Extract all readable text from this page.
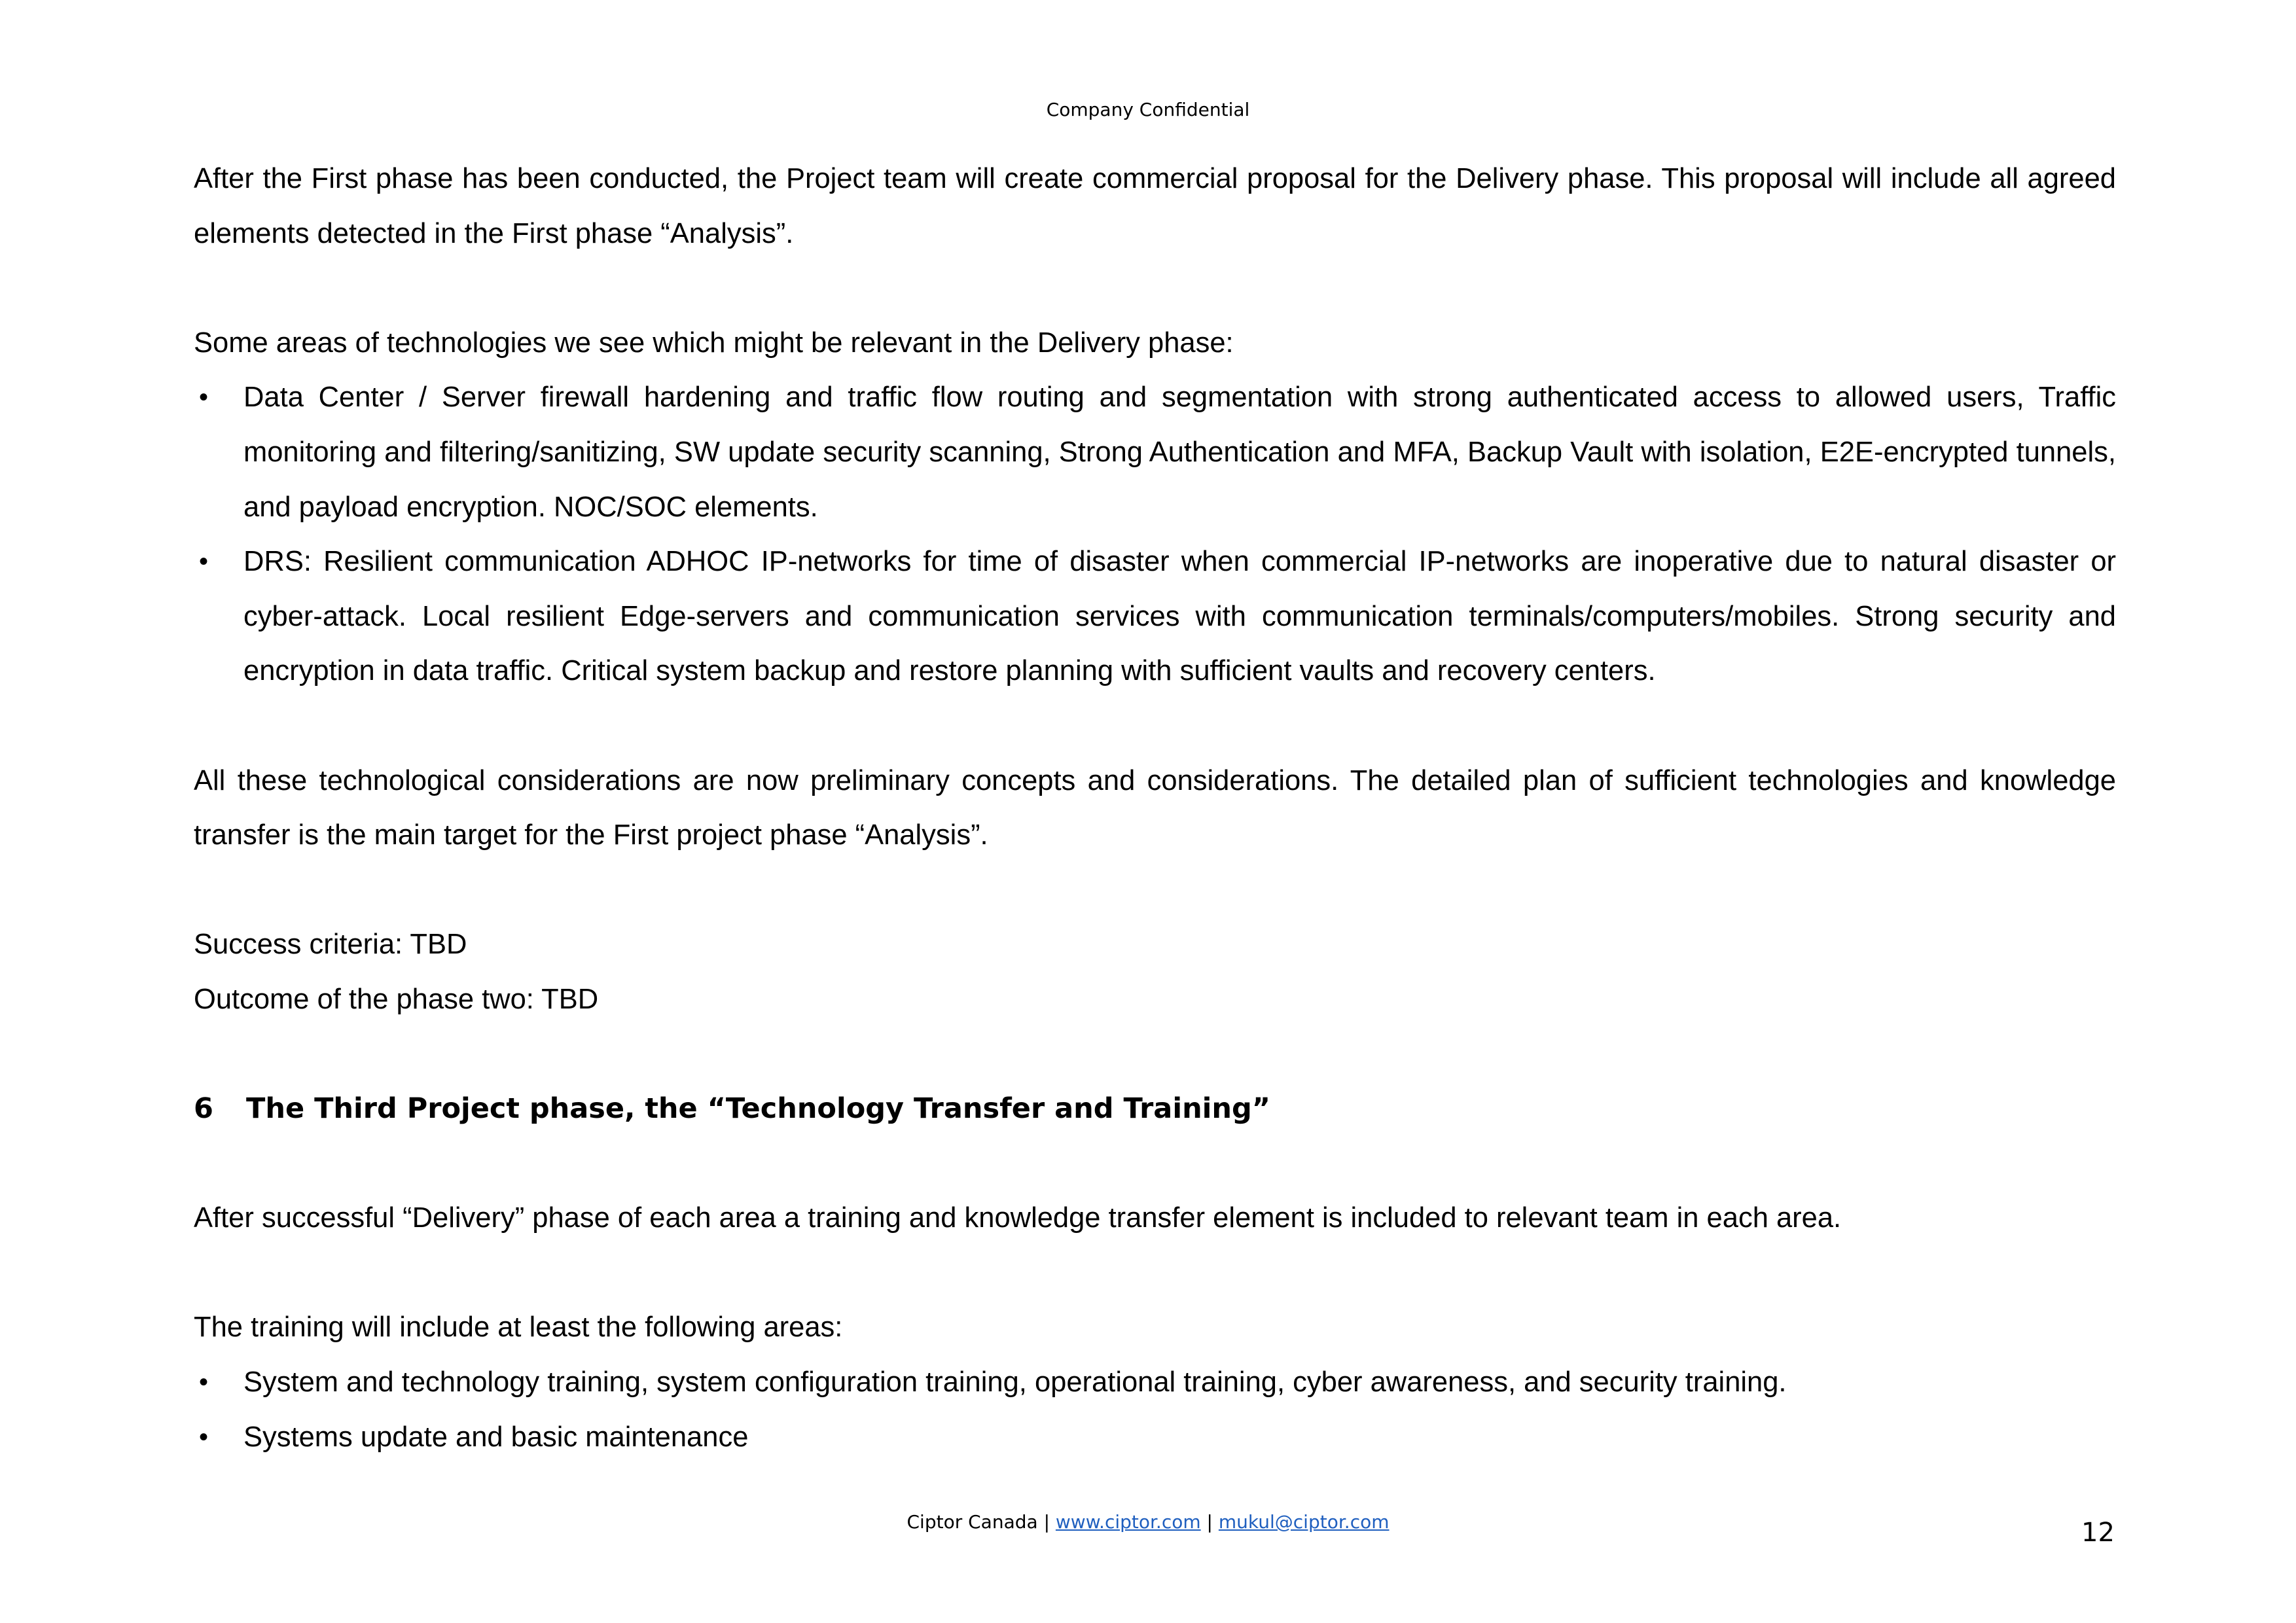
Company Confidential

After the First phase has been conducted, the Project team will create commercial proposal for the Delivery phase. This proposal will include all agreed elements detected in the First phase “Analysis”.

Some areas of technologies we see which might be relevant in the Delivery phase:

• Data Center / Server firewall hardening and traffic flow routing and segmentation with strong authenticated access to allowed users, Traffic monitoring and filtering/sanitizing, SW update security scanning, Strong Authentication and MFA, Backup Vault with isolation, E2E-encrypted tunnels, and payload encryption. NOC/SOC elements.
• DRS: Resilient communication ADHOC IP-networks for time of disaster when commercial IP-networks are inoperative due to natural disaster or cyber-attack. Local resilient Edge-servers and communication services with communication terminals/computers/mobiles. Strong security and encryption in data traffic. Critical system backup and restore planning with sufficient vaults and recovery centers.

All these technological considerations are now preliminary concepts and considerations. The detailed plan of sufficient technologies and knowledge transfer is the main target for the First project phase “Analysis”.

Success criteria: TBD

Outcome of the phase two: TBD

6	The Third Project phase, the “Technology Transfer and Training”

After successful “Delivery” phase of each area a training and knowledge transfer element is included to relevant team in each area.

The training will include at least the following areas:

• System and technology training, system configuration training, operational training, cyber awareness, and security training.
• Systems update and basic maintenance
Ciptor Canada | www.ciptor.com | mukul@ciptor.com	12
